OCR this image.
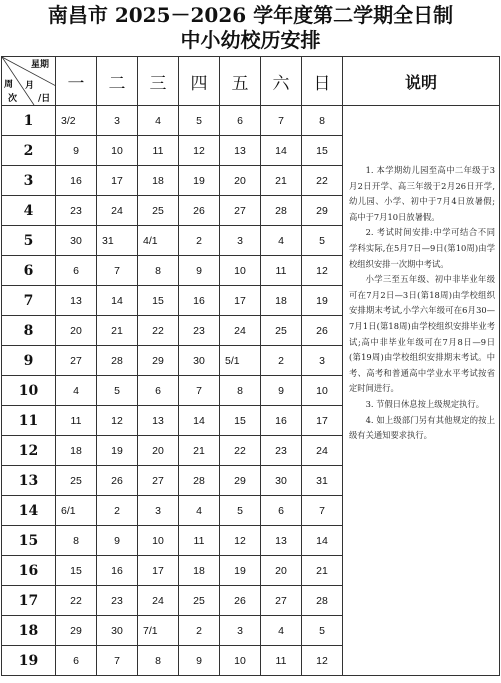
南昌市 2025－2026 学年度第二学期全日制
中小幼校历安排
星期
月
/日
周
次	一	二	三	四	五	六	日	说明
1	3/2	3	4	5	6	7	8	1. 本学期幼儿园至高中二年级于3月2日开学、高三年级于2月26日开学,幼儿园、小学、初中于7月4日放暑假;高中于7月10日放暑假。

2. 考试时间安排:中学可结合不同学科实际,在5月7日—9日(第10周)由学校组织安排一次期中考试。

小学三至五年级、初中非毕业年级可在7月2日—3日(第18周)由学校组织安排期末考试,小学六年级可在6月30—7月1日(第18周)由学校组织安排毕业考试;高中非毕业年级可在7月8日—9日(第19周)由学校组织安排期末考试。中考、高考和普通高中学业水平考试按省定时间进行。

3. 节假日休息按上级规定执行。

4. 如上级部门另有其他规定的按上级有关通知要求执行。

2	9	10	11	12	13	14	15	
3	16	17	18	19	20	21	22	
4	23	24	25	26	27	28	29	
5	30	31	4/1	2	3	4	5	
6	6	7	8	9	10	11	12	
7	13	14	15	16	17	18	19	
8	20	21	22	23	24	25	26	
9	27	28	29	30	5/1	2	3	
10	4	5	6	7	8	9	10	
11	11	12	13	14	15	16	17	
12	18	19	20	21	22	23	24	
13	25	26	27	28	29	30	31	
14	6/1	2	3	4	5	6	7	
15	8	9	10	11	12	13	14	
16	15	16	17	18	19	20	21	
17	22	23	24	25	26	27	28	
18	29	30	7/1	2	3	4	5	
19	6	7	8	9	10	11	12	
